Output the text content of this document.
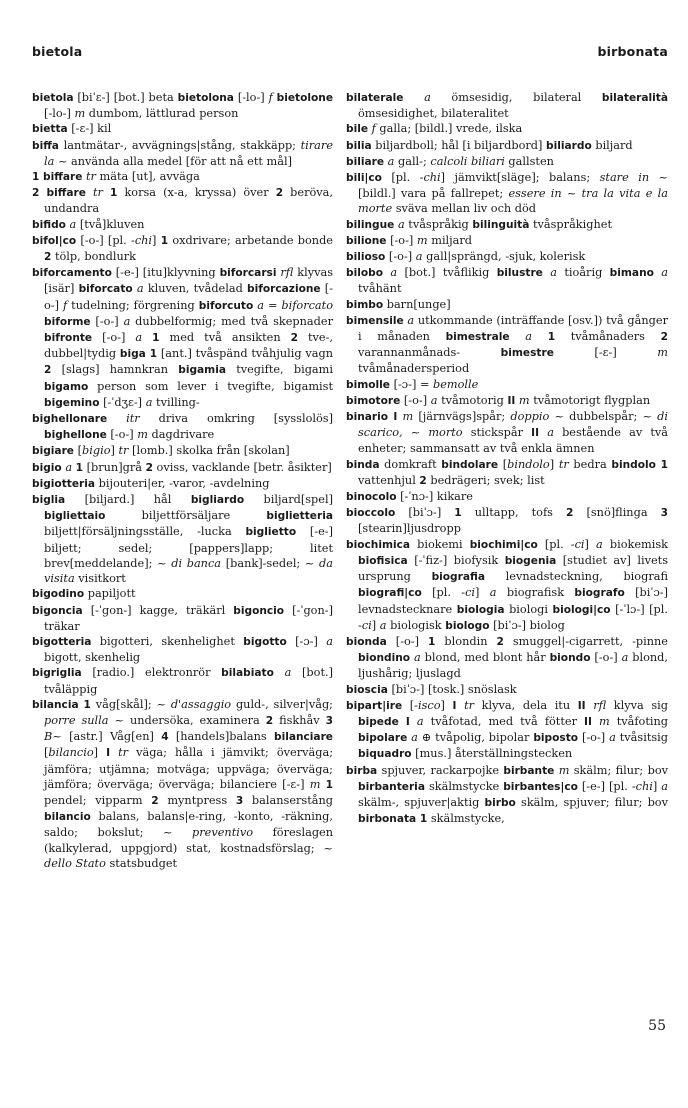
bietola	birbonata

bietola [biˈɛ-] [bot.] beta bietolona [-lo-] f bietolone [-lo-] m dumbom, lättlurad person

bietta [-ɛ-] kil

biffa lantmätar-, avvägnings|stång, stakkäpp; tirare la ~ använda alla medel [för att nå ett mål]

1 biffare tr mäta [ut], avväga

2 biffare tr 1 korsa (x-a, kryssa) över 2 beröva, undandra

bifido a [två]kluven

bifol|co [-o-] [pl. -chi] 1 oxdrivare; arbetande bonde 2 tölp, bondlurk

biforcamento [-e-] [itu]klyvning biforcarsi rfl klyvas [isär] biforcato a kluven, tvådelad biforcazione [-o-] f tudelning; förgrening biforcuto a = biforcato biforme [-o-] a dubbelformig; med två skepnader bifronte [-o-] a 1 med två ansikten 2 tve-, dubbel|tydig biga 1 [ant.] tvåspänd tvåhjulig vagn 2 [slags] hamnkran bigamia tvegifte, bigami bigamo person som lever i tvegifte, bigamist bigemino [-ˈdʒɛ-] a tvilling-

bighellonare itr driva omkring [sysslolös] bighellone [-o-] m dagdrivare

bigiare [bigio] tr [lomb.] skolka från [skolan]

bigio a 1 [brun]grå 2 oviss, vacklande [betr. åsikter]

bigiotteria bijouteri|er, -varor, -avdelning

biglia [biljard.] hål bigliardo biljard[spel] bigliettaio biljettförsäljare biglietteria biljett|försäljningsställe, -lucka biglietto [-e-] biljett; sedel; [pappers]lapp; litet brev[meddelande]; ~ di banca [bank]-sedel; ~ da visita visitkort

bigodino papiljott

bigoncia [-ˈgon-] kagge, träkärl bigoncio [-ˈgon-] träkar

bigotteria bigotteri, skenhelighet bigotto [-ɔ-] a bigott, skenhelig

bigriglia [radio.] elektronrör bilabiato a [bot.] tvåläppig

bilancia 1 våg[skål]; ~ d'assaggio guld-, silver|våg; porre sulla ~ undersöka, examinera 2 fiskhåv 3 B~ [astr.] Våg[en] 4 [handels]balans bilanciare [bilancio] I tr väga; hålla i jämvikt; överväga; jämföra; utjämna; motväga; uppväga; överväga; jämföra; överväga; överväga; bilanciere [-ɛ-] m 1 pendel; vipparm 2 myntpress 3 balanserstång bilancio balans, balans|e-ring, -konto, -räkning, saldo; bokslut; ~ preventivo föreslagen (kalkylerad, uppgjord) stat, kostnadsförslag; ~ dello Stato statsbudget

bilaterale a ömsesidig, bilateral bilateralità ömsesidighet, bilateralitet

bile f galla; [bildl.] vrede, ilska

bilia biljardboll; hål [i biljardbord] biliardo biljard

biliare a gall-; calcoli biliari gallsten

bili|co [pl. -chi] jämvikt[släge]; balans; stare in ~ [bildl.] vara på fallrepet; essere in ~ tra la vita e la morte sväva mellan liv och död

bilingue a tvåspråkig bilinguità tvåspråkighet

bilione [-o-] m miljard

bilioso [-o-] a gall|sprängd, -sjuk, kolerisk

bilobo a [bot.] tvåflikig bilustre a tioårig bimano a tvåhänt

bimbo barn[unge]

bimensile a utkommande (inträffande [osv.]) två gånger i månaden bimestrale a 1 tvåmånaders 2 varannanmånads- bimestre [-ɛ-] m tvåmånadersperiod

bimolle [-ɔ-] = bemolle

bimotore [-o-] a tvåmotorig II m tvåmotorigt flygplan

binario I m [järnvägs]spår; doppio ~ dubbelspår; ~ di scarico, ~ morto stickspår II a bestående av två enheter; sammansatt av två enkla ämnen

binda domkraft bindolare [bindolo] tr bedra bindolo 1 vattenhjul 2 bedrägeri; svek; list

binocolo [-ˈnɔ-] kikare

bioccolo [biˈɔ-] 1 ulltapp, tofs 2 [snö]flinga 3 [stearin]ljusdropp

biochimica biokemi biochimi|co [pl. -ci] a biokemisk biofisica [-ˈfiz-] biofysik biogenia [studiet av] livets ursprung biografia levnadsteckning, biografi biografi|co [pl. -ci] a biografisk biografo [biˈɔ-] levnadstecknare biologia biologi biologi|co [-ˈlɔ-] [pl. -ci] a biologisk biologo [biˈɔ-] biolog

bionda [-o-] 1 blondin 2 smuggel|-cigarrett, -pinne biondino a blond, med blont hår biondo [-o-] a blond, ljushårig; ljuslagd

bioscia [biˈɔ-] [tosk.] snöslask

bipart|ire [-isco] I tr klyva, dela itu II rfl klyva sig bipede I a tvåfotad, med två fötter II m tvåfoting bipolare a ⊕ tvåpolig, bipolar biposto [-o-] a tvåsitsig biquadro [mus.] återställningstecken

birba spjuver, rackarpojke birbante m skälm; filur; bov birbanteria skälmstycke birbantes|co [-e-] [pl. -chi] a skälm-, spjuver|aktig birbo skälm, spjuver; filur; bov birbonata 1 skälmstycke,

55
